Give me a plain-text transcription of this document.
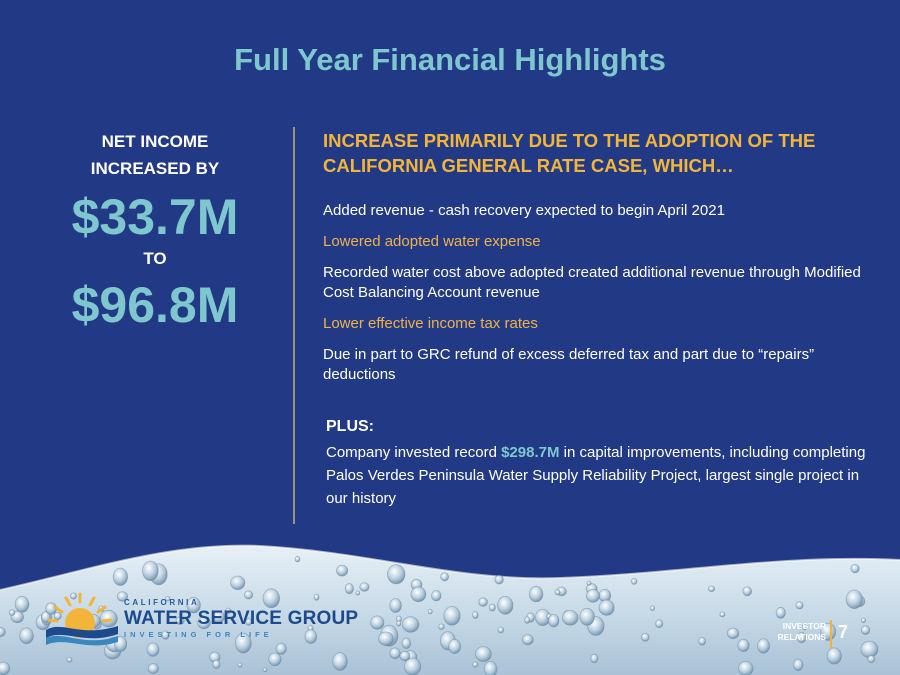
Full Year Financial Highlights
NET INCOME
INCREASED BY
$33.7M
TO
$96.8M
INCREASE PRIMARILY DUE TO THE ADOPTION OF THE
CALIFORNIA GENERAL RATE CASE, WHICH…
Added revenue - cash recovery expected to begin April 2021
Lowered adopted water expense
Recorded water cost above adopted created additional revenue through Modified Cost Balancing Account revenue
Lower effective income tax rates
Due in part to GRC refund of excess deferred tax and part due to “repairs” deductions
PLUS:
Company invested record $298.7M in capital improvements, including completing Palos Verdes Peninsula Water Supply Reliability Project, largest single project in our history
CALIFORNIA
WATER SERVICE GROUP
INVESTING FOR LIFE
INVESTOR
RELATIONS 7
